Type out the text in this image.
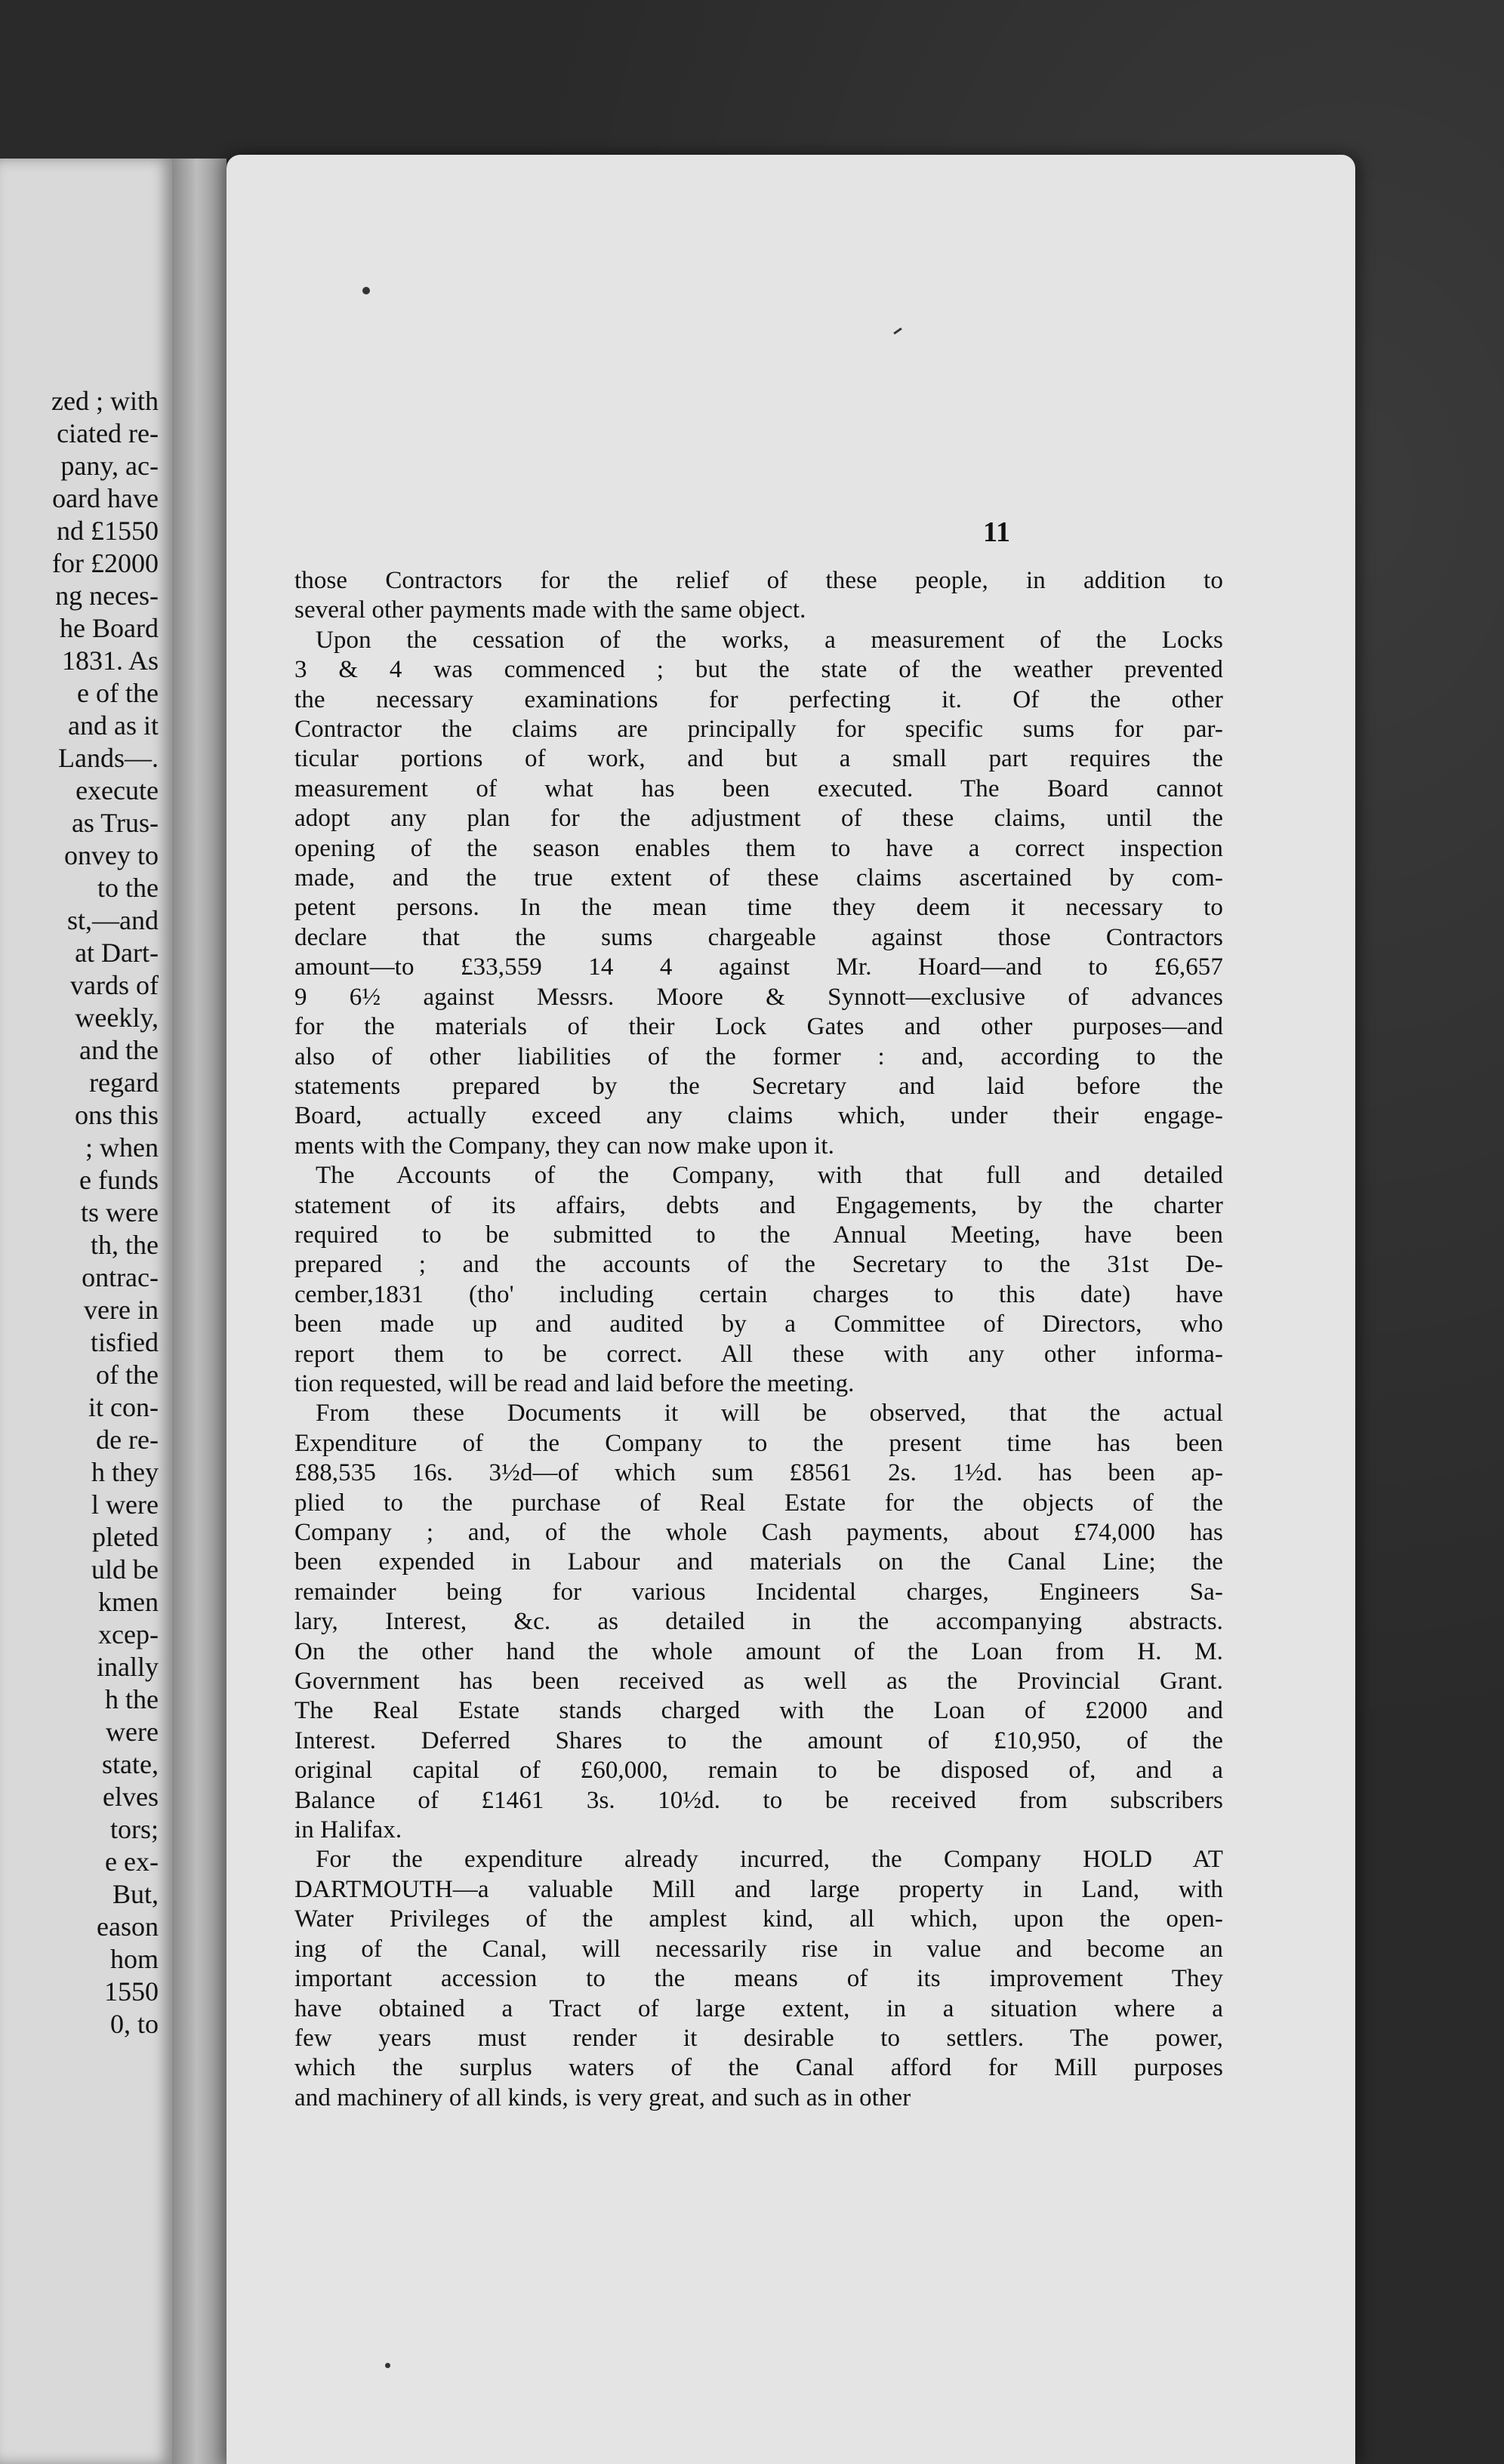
zed ; with
ciated re-
pany, ac-
oard have
nd £1550
for £2000
ng neces-
he Board
1831. As
e of the
and as it
Lands—.
execute
as Trus-
onvey to
to the
st,—and
at Dart-
vards of
weekly,
and the
regard
ons this
; when
e funds
ts were
th, the
ontrac-
vere in
tisfied
of the
it con-
de re-
h they
l were
pleted
uld be
kmen
xcep-
inally
h the
were
state,
elves
tors;
e ex-
But,
eason
hom
1550
0, to
11
those Contractors for the relief of these people, in addition to
several other payments made with the same object.
Upon the cessation of the works, a measurement of the Locks
3 & 4 was commenced ; but the state of the weather prevented
the necessary examinations for perfecting it. Of the other
Contractor the claims are principally for specific sums for par-
ticular portions of work, and but a small part requires the
measurement of what has been executed. The Board cannot
adopt any plan for the adjustment of these claims, until the
opening of the season enables them to have a correct inspection
made, and the true extent of these claims ascertained by com-
petent persons. In the mean time they deem it necessary to
declare that the sums chargeable against those Contractors
amount—to £33,559 14 4 against Mr. Hoard—and to £6,657
9 6½ against Messrs. Moore & Synnott—exclusive of advances
for the materials of their Lock Gates and other purposes—and
also of other liabilities of the former : and, according to the
statements prepared by the Secretary and laid before the
Board, actually exceed any claims which, under their engage-
ments with the Company, they can now make upon it.
The Accounts of the Company, with that full and detailed
statement of its affairs, debts and Engagements, by the charter
required to be submitted to the Annual Meeting, have been
prepared ; and the accounts of the Secretary to the 31st De-
cember,1831 (tho' including certain charges to this date) have
been made up and audited by a Committee of Directors, who
report them to be correct. All these with any other informa-
tion requested, will be read and laid before the meeting.
From these Documents it will be observed, that the actual
Expenditure of the Company to the present time has been
£88,535 16s. 3½d—of which sum £8561 2s. 1½d. has been ap-
plied to the purchase of Real Estate for the objects of the
Company ; and, of the whole Cash payments, about £74,000 has
been expended in Labour and materials on the Canal Line; the
remainder being for various Incidental charges, Engineers Sa-
lary, Interest, &c. as detailed in the accompanying abstracts.
On the other hand the whole amount of the Loan from H. M.
Government has been received as well as the Provincial Grant.
The Real Estate stands charged with the Loan of £2000 and
Interest. Deferred Shares to the amount of £10,950, of the
original capital of £60,000, remain to be disposed of, and a
Balance of £1461 3s. 10½d. to be received from subscribers
in Halifax.
For the expenditure already incurred, the Company HOLD AT
DARTMOUTH—a valuable Mill and large property in Land, with
Water Privileges of the amplest kind, all which, upon the open-
ing of the Canal, will necessarily rise in value and become an
important accession to the means of its improvement They
have obtained a Tract of large extent, in a situation where a
few years must render it desirable to settlers. The power,
which the surplus waters of the Canal afford for Mill purposes
and machinery of all kinds, is very great, and such as in other
